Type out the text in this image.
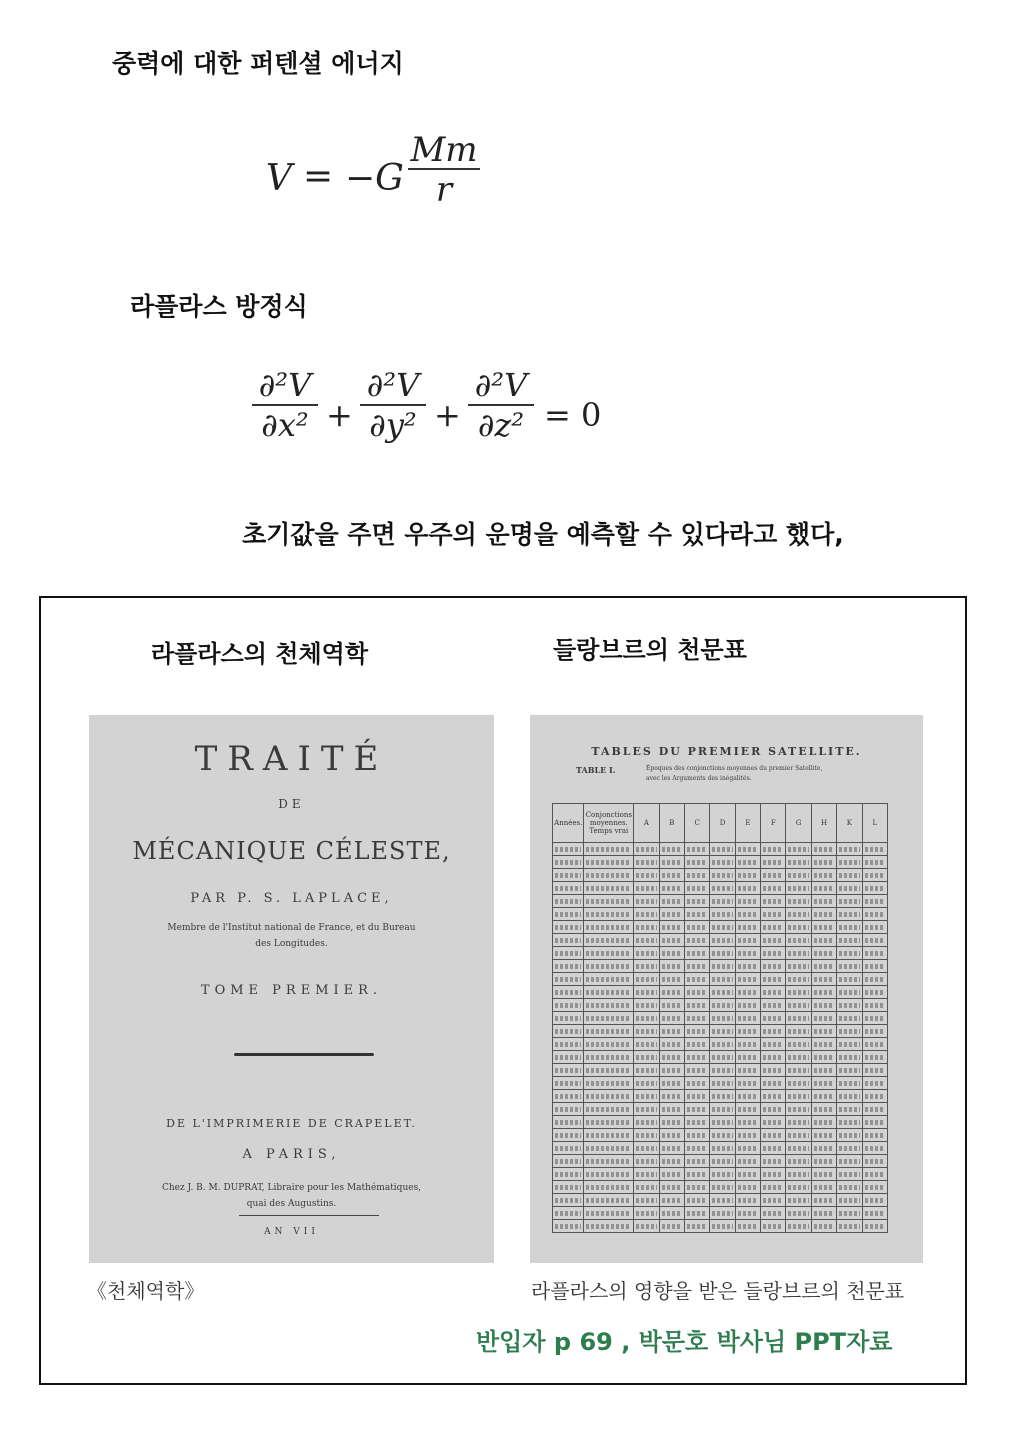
중력에 대한 퍼텐셜 에너지
V = −G
Mm
r
라플라스 방정식
∂²V
∂x² +
∂²V
∂y² +
∂²V
∂z² = 0
초기값을 주면 우주의 운명을 예측할 수 있다라고 했다,
라플라스의 천체역학	들랑브르의 천문표
TRAITÉ
DE
MÉCANIQUE CÉLESTE,
PAR P. S. LAPLACE,
Membre de l'Institut national de France, et du Bureau
des Longitudes.
TOME PREMIER.
DE L'IMPRIMERIE DE CRAPELET.
A PARIS,
Chez J. B. M. DUPRAT, Libraire pour les Mathématiques,
quai des Augustins.
AN VII
TABLES DU PREMIER SATELLITE.
TABLE I.	Époques des conjonctions moyennes du premier Satellite,
avec les Arguments des inégalités.
Années.	Conjonctions moyennes. Temps vrai	A	B	C	D	E	F	G	H	K	L

《천체역학》	라플라스의 영향을 받은 들랑브르의 천문표
반입자 p 69 , 박문호 박사님 PPT자료
